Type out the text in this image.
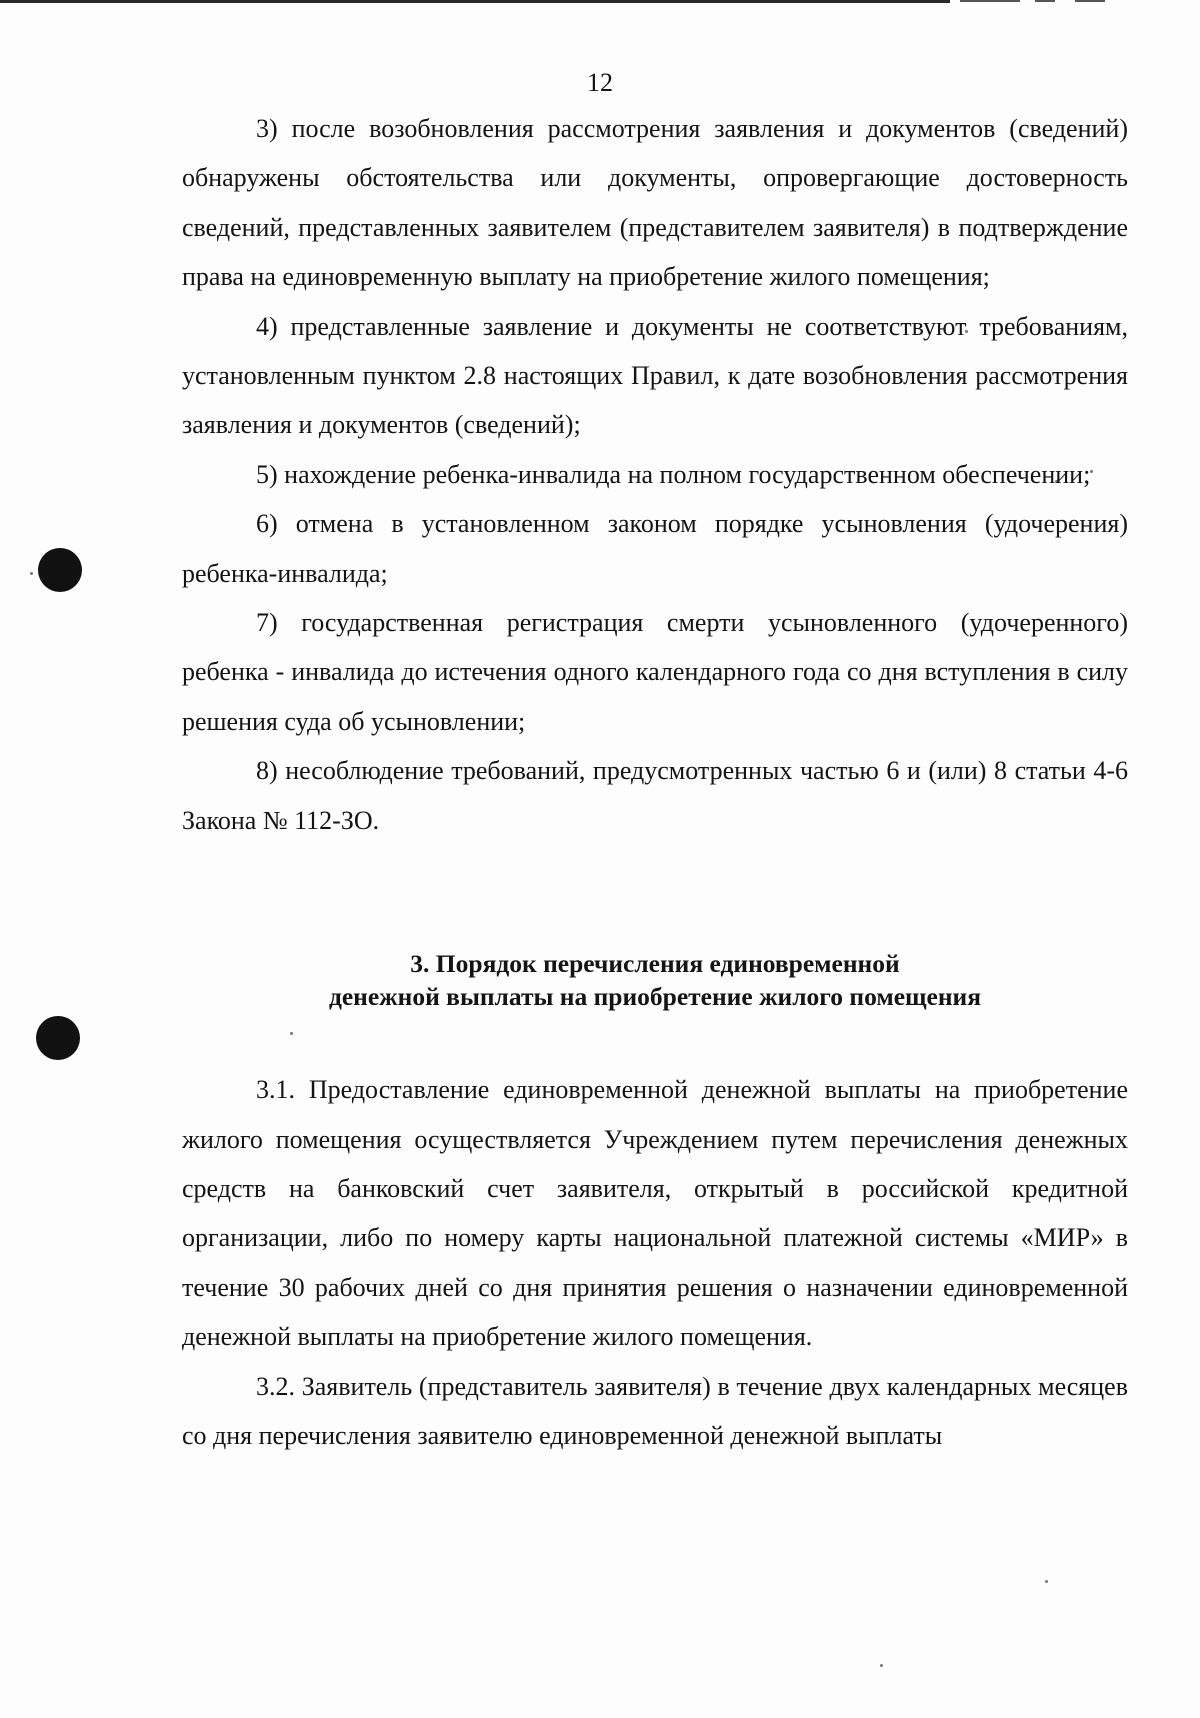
12

3) после возобновления рассмотрения заявления и документов (сведений) обнаружены обстоятельства или документы, опровергающие достоверность сведений, представленных заявителем (представителем заявителя) в подтверждение права на единовременную выплату на приобретение жилого помещения;

4) представленные заявление и документы не соответствуют требованиям, установленным пунктом 2.8 настоящих Правил, к дате возобновления рассмотрения заявления и документов (сведений);

5) нахождение ребенка-инвалида на полном государственном обеспечении;

6) отмена в установленном законом порядке усыновления (удочерения) ребенка-инвалида;

7) государственная регистрация смерти усыновленного (удочеренного) ребенка - инвалида до истечения одного календарного года со дня вступления в силу решения суда об усыновлении;

8) несоблюдение требований, предусмотренных частью 6 и (или) 8 статьи 4-6 Закона № 112-ЗО.

3. Порядок перечисления единовременной

денежной выплаты на приобретение жилого помещения

3.1. Предоставление единовременной денежной выплаты на приобретение жилого помещения осуществляется Учреждением путем перечисления денежных средств на банковский счет заявителя, открытый в российской кредитной организации, либо по номеру карты национальной платежной системы «МИР» в течение 30 рабочих дней со дня принятия решения о назначении единовременной денежной выплаты на приобретение жилого помещения.

3.2. Заявитель (представитель заявителя) в течение двух календарных месяцев со дня перечисления заявителю единовременной денежной выплаты
